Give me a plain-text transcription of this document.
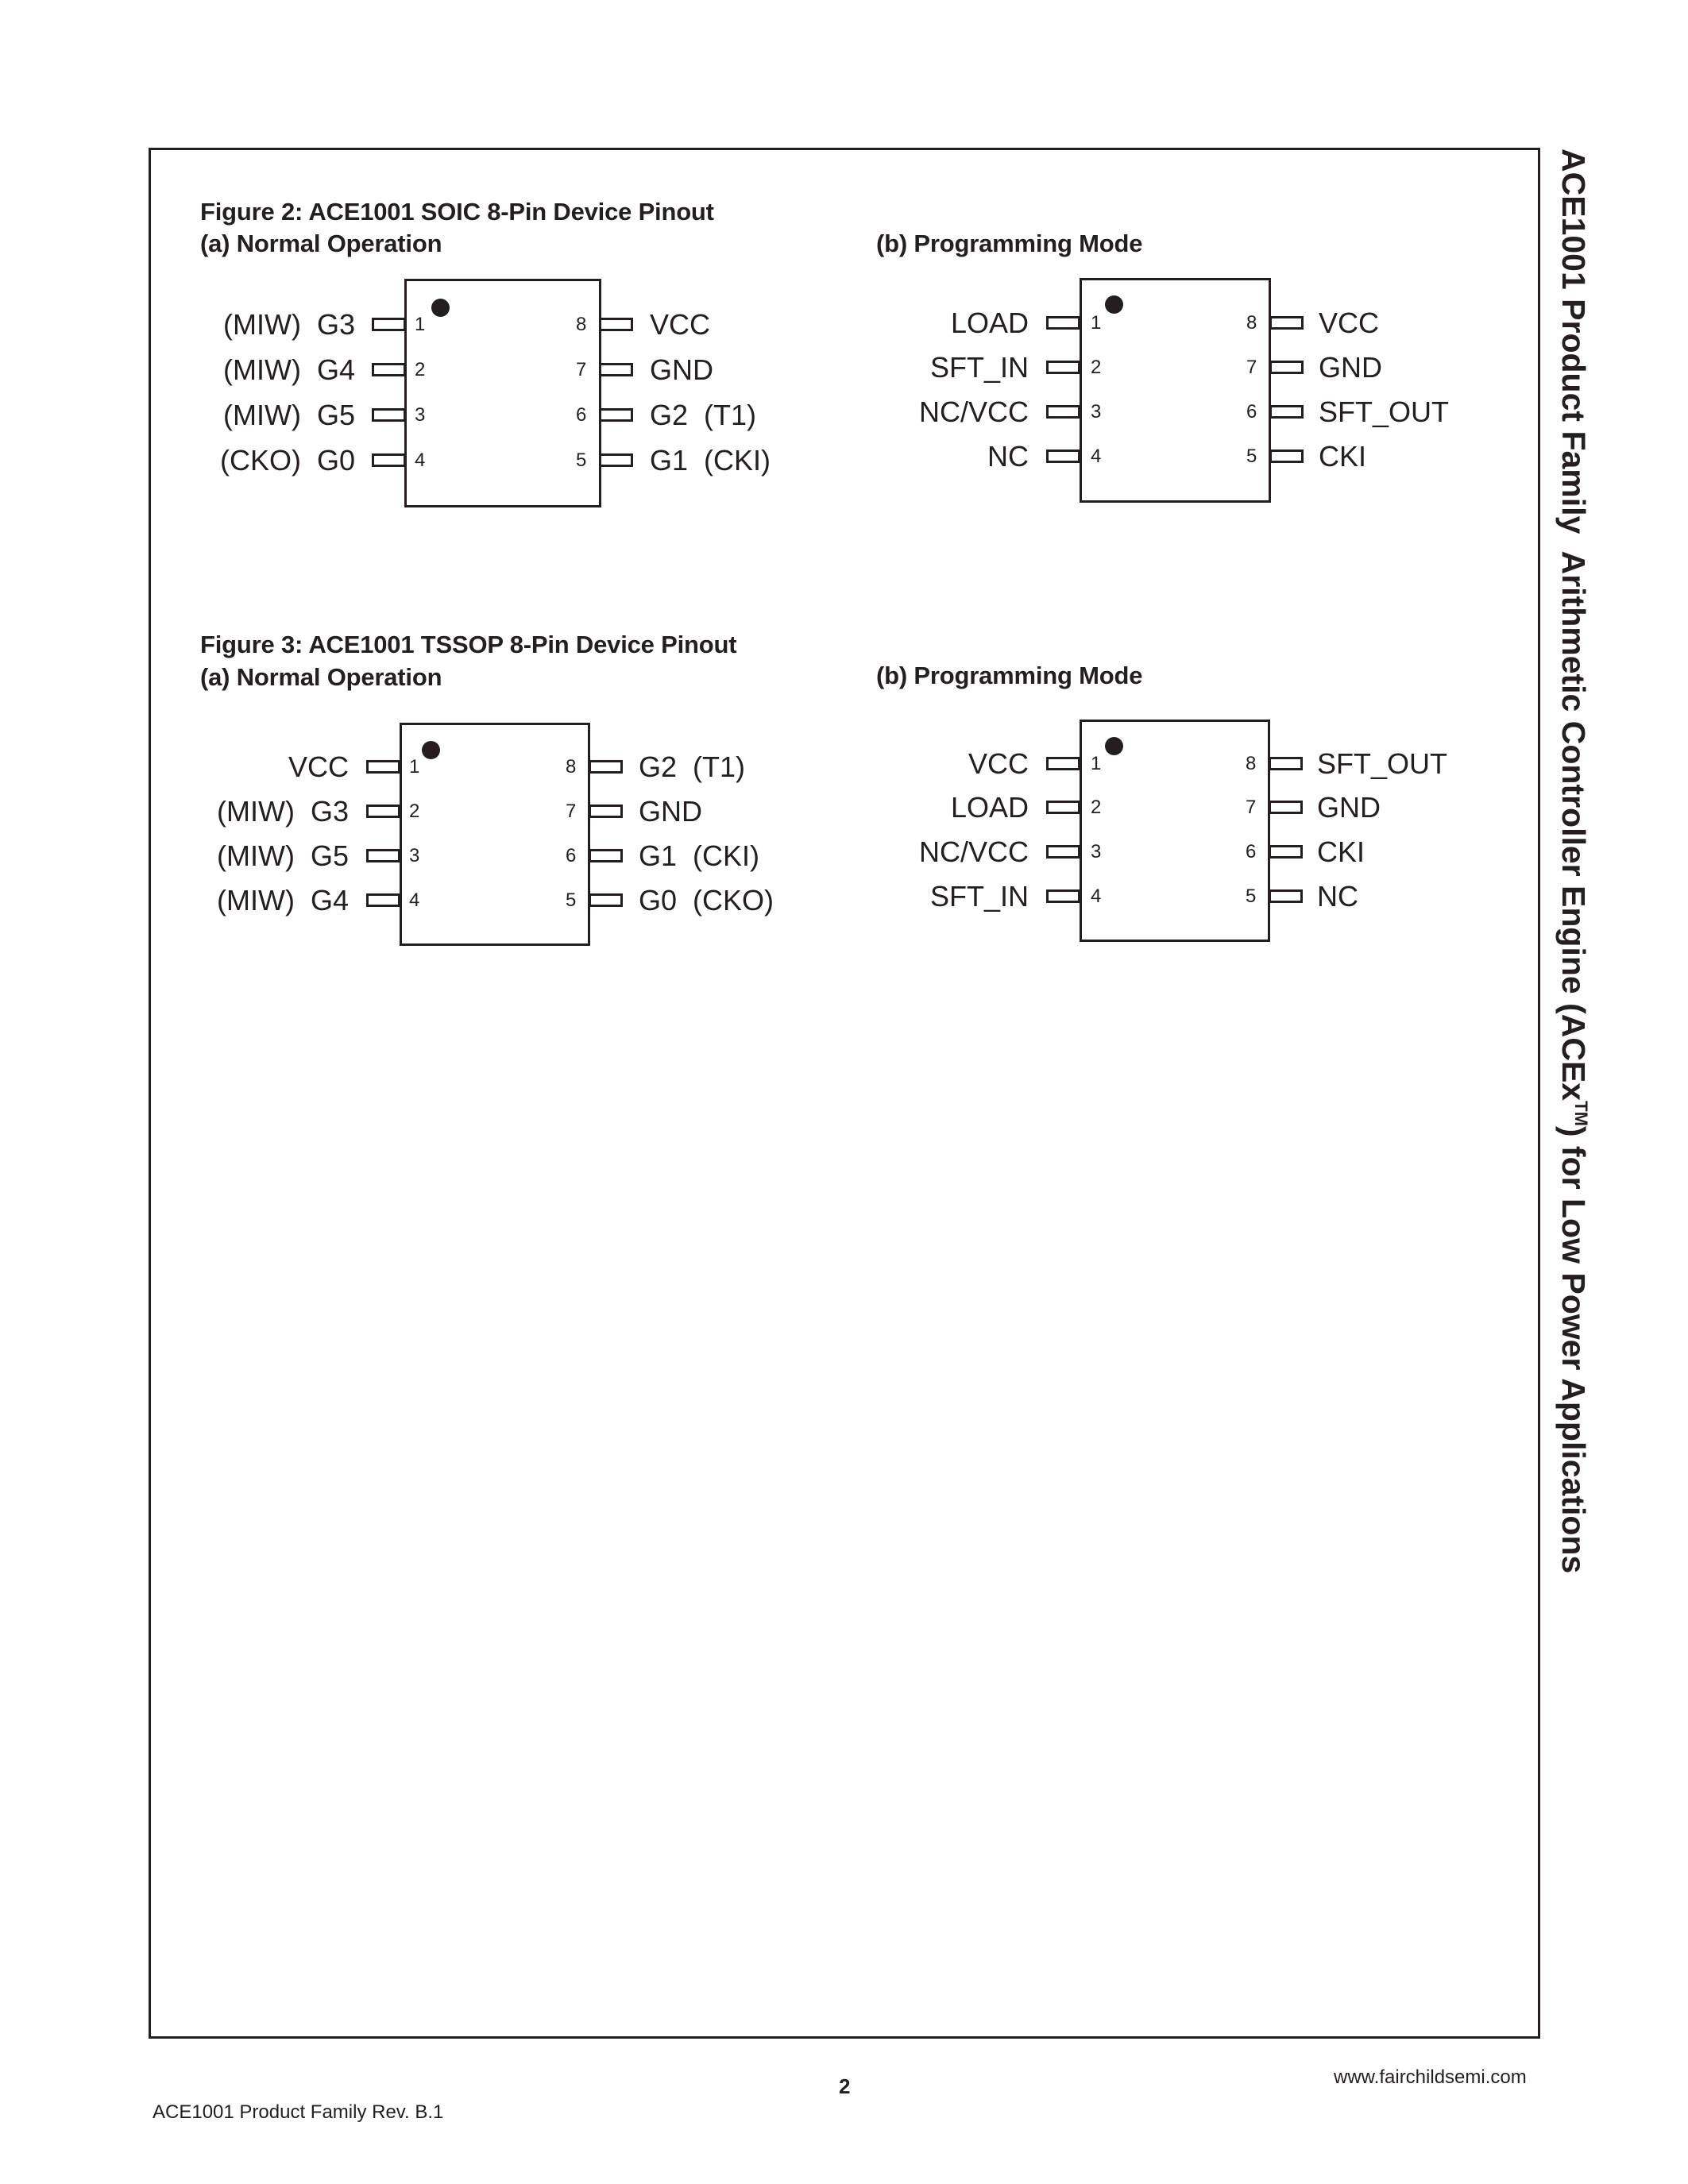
ACE1001 Product Family  Arithmetic Controller Engine (ACEx™) for Low Power Applications
Figure 2: ACE1001 SOIC 8-Pin Device Pinout
(a) Normal Operation	(b) Programming Mode
1
2
3
4
8
7
6
5
(MIW)  G3
(MIW)  G4
(MIW)  G5
(CKO)  G0
VCC
GND
G2  (T1)
G1  (CKI)
1
2
3
4
8
7
6
5
LOAD
SFT_IN
NC/VCC
NC
VCC
GND
SFT_OUT
CKI
Figure 3: ACE1001 TSSOP 8-Pin Device Pinout
(a) Normal Operation	(b) Programming Mode
1
2
3
4
8
7
6
5
VCC
(MIW)  G3
(MIW)  G5
(MIW)  G4
G2  (T1)
GND
G1  (CKI)
G0  (CKO)
1
2
3
4
8
7
6
5
VCC
LOAD
NC/VCC
SFT_IN
SFT_OUT
GND
CKI
NC
2	www.fairchildsemi.com
ACE1001 Product Family Rev. B.1
